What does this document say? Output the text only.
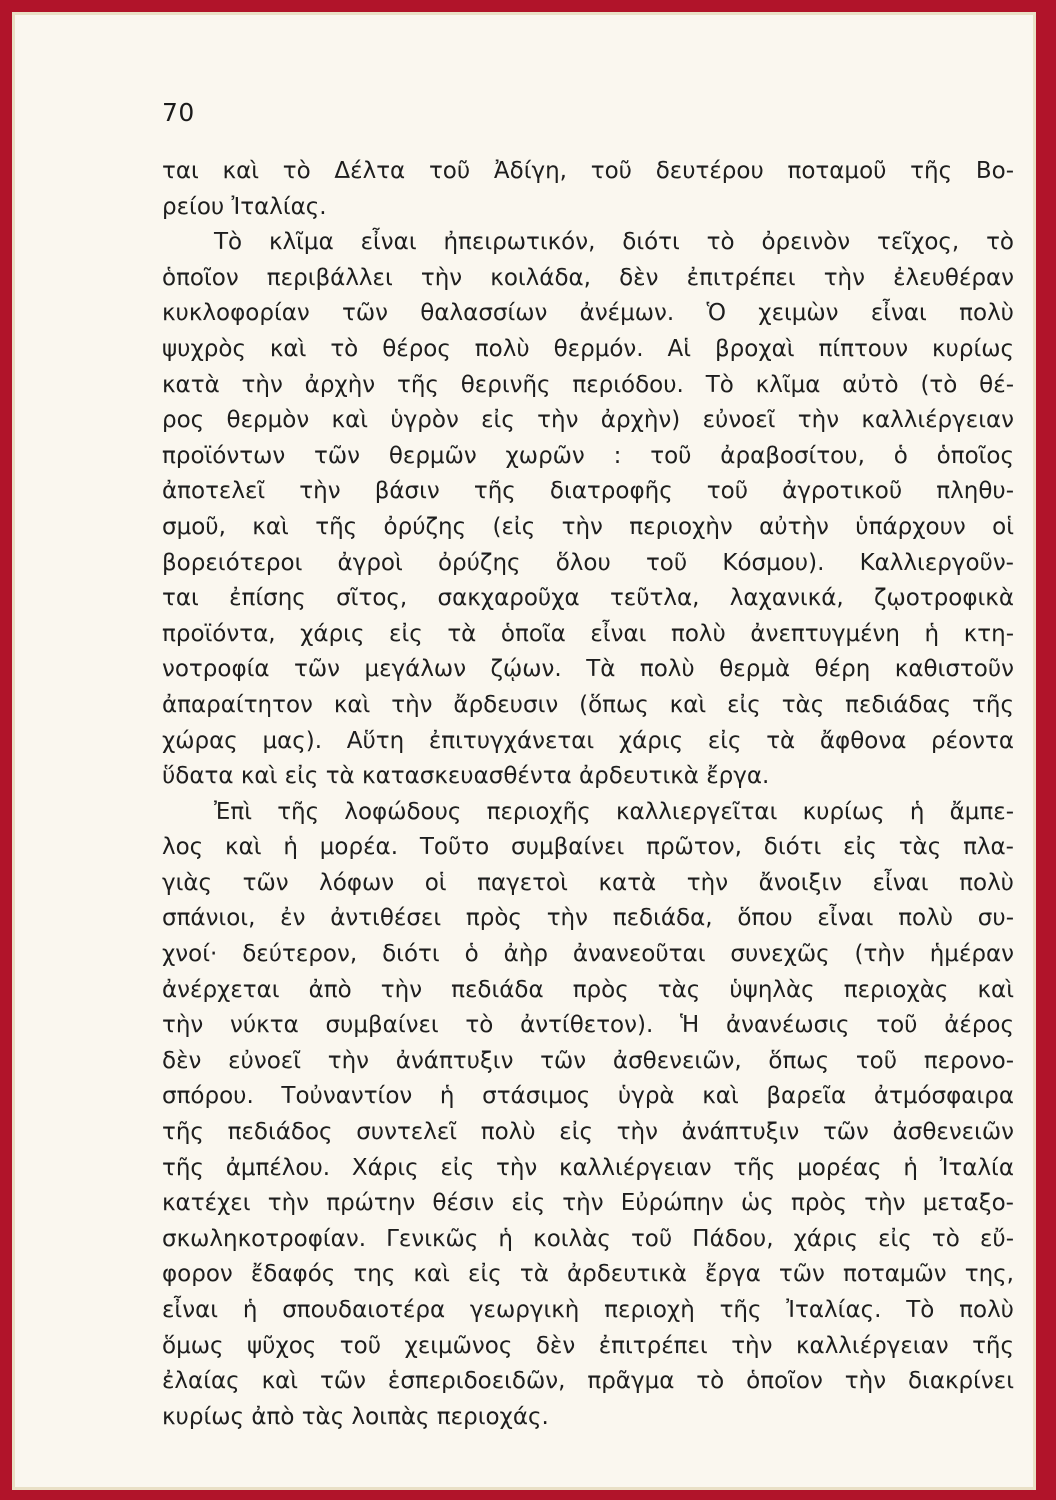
70
ται καὶ τὸ Δέλτα τοῦ Ἀδίγη, τοῦ δευτέρου ποταμοῦ τῆς Βο-
ρείου Ἰταλίας.
Τὸ κλῖμα εἶναι ἠπειρωτικόν, διότι τὸ ὀρεινὸν τεῖχος, τὸ
ὁποῖον περιβάλλει τὴν κοιλάδα, δὲν ἐπιτρέπει τὴν ἐλευθέραν
κυκλοφορίαν τῶν θαλασσίων ἀνέμων. Ὁ χειμὼν εἶναι πολὺ
ψυχρὸς καὶ τὸ θέρος πολὺ θερμόν. Αἱ βροχαὶ πίπτουν κυρίως
κατὰ τὴν ἀρχὴν τῆς θερινῆς περιόδου. Τὸ κλῖμα αὐτὸ (τὸ θέ-
ρος θερμὸν καὶ ὑγρὸν εἰς τὴν ἀρχὴν) εὐνοεῖ τὴν καλλιέργειαν
προϊόντων τῶν θερμῶν χωρῶν : τοῦ ἀραβοσίτου, ὁ ὁποῖος
ἀποτελεῖ τὴν βάσιν τῆς διατροφῆς τοῦ ἀγροτικοῦ πληθυ-
σμοῦ, καὶ τῆς ὀρύζης (εἰς τὴν περιοχὴν αὐτὴν ὑπάρχουν οἱ
βορειότεροι ἀγροὶ ὀρύζης ὅλου τοῦ Κόσμου). Καλλιεργοῦν-
ται ἐπίσης σῖτος, σακχαροῦχα τεῦτλα, λαχανικά, ζῳοτροφικὰ
προϊόντα, χάρις εἰς τὰ ὁποῖα εἶναι πολὺ ἀνεπτυγμένη ἡ κτη-
νοτροφία τῶν μεγάλων ζῴων. Τὰ πολὺ θερμὰ θέρη καθιστοῦν
ἀπαραίτητον καὶ τὴν ἄρδευσιν (ὅπως καὶ εἰς τὰς πεδιάδας τῆς
χώρας μας). Αὕτη ἐπιτυγχάνεται χάρις εἰς τὰ ἄφθονα ρέοντα
ὕδατα καὶ εἰς τὰ κατασκευασθέντα ἀρδευτικὰ ἔργα.
Ἐπὶ τῆς λοφώδους περιοχῆς καλλιεργεῖται κυρίως ἡ ἄμπε-
λος καὶ ἡ μορέα. Τοῦτο συμβαίνει πρῶτον, διότι εἰς τὰς πλα-
γιὰς τῶν λόφων οἱ παγετοὶ κατὰ τὴν ἄνοιξιν εἶναι πολὺ
σπάνιοι, ἐν ἀντιθέσει πρὸς τὴν πεδιάδα, ὅπου εἶναι πολὺ συ-
χνοί· δεύτερον, διότι ὁ ἀὴρ ἀνανεοῦται συνεχῶς (τὴν ἡμέραν
ἀνέρχεται ἀπὸ τὴν πεδιάδα πρὸς τὰς ὑψηλὰς περιοχὰς καὶ
τὴν νύκτα συμβαίνει τὸ ἀντίθετον). Ἡ ἀνανέωσις τοῦ ἀέρος
δὲν εὐνοεῖ τὴν ἀνάπτυξιν τῶν ἀσθενειῶν, ὅπως τοῦ περονο-
σπόρου. Τοὐναντίον ἡ στάσιμος ὑγρὰ καὶ βαρεῖα ἀτμόσφαιρα
τῆς πεδιάδος συντελεῖ πολὺ εἰς τὴν ἀνάπτυξιν τῶν ἀσθενειῶν
τῆς ἀμπέλου. Χάρις εἰς τὴν καλλιέργειαν τῆς μορέας ἡ Ἰταλία
κατέχει τὴν πρώτην θέσιν εἰς τὴν Εὐρώπην ὡς πρὸς τὴν μεταξο-
σκωληκοτροφίαν. Γενικῶς ἡ κοιλὰς τοῦ Πάδου, χάρις εἰς τὸ εὔ-
φορον ἔδαφός της καὶ εἰς τὰ ἀρδευτικὰ ἔργα τῶν ποταμῶν της,
εἶναι ἡ σπουδαιοτέρα γεωργικὴ περιοχὴ τῆς Ἰταλίας. Τὸ πολὺ
ὅμως ψῦχος τοῦ χειμῶνος δὲν ἐπιτρέπει τὴν καλλιέργειαν τῆς
ἐλαίας καὶ τῶν ἑσπεριδοειδῶν, πρᾶγμα τὸ ὁποῖον τὴν διακρίνει
κυρίως ἀπὸ τὰς λοιπὰς περιοχάς.
